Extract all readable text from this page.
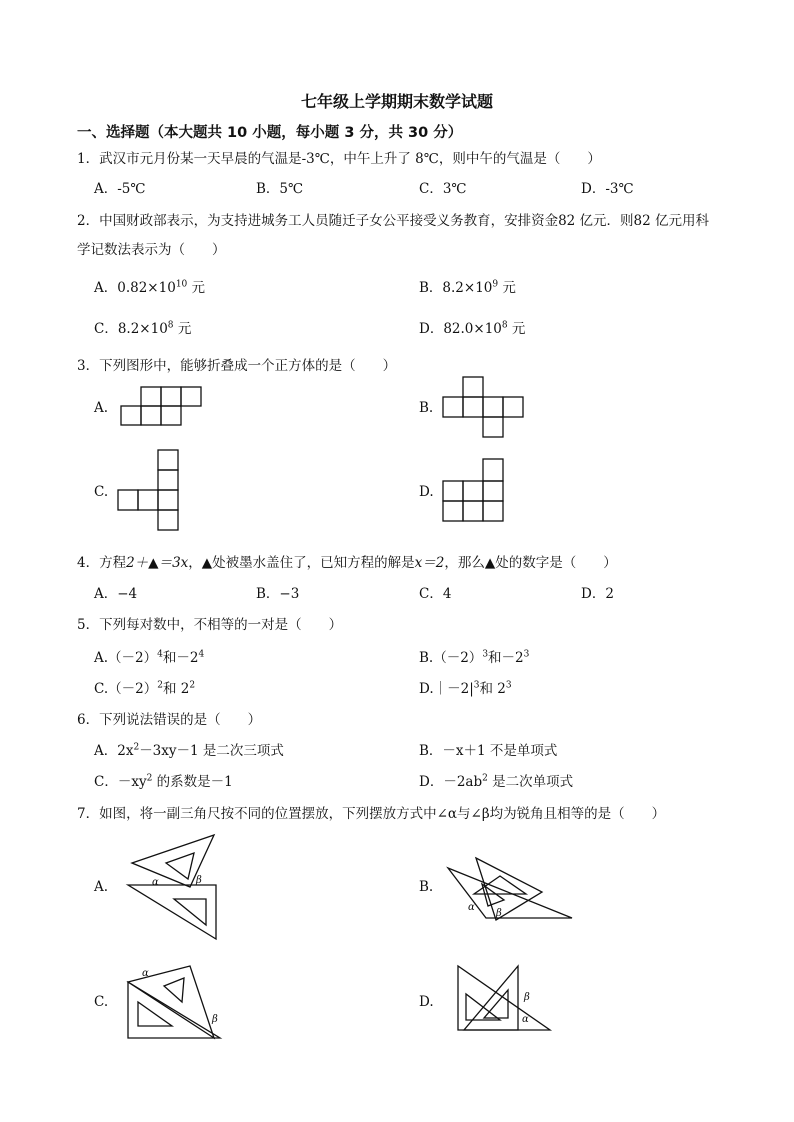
七年级上学期期末数学试题
一、选择题（本大题共 10 小题，每小题 3 分，共 30 分）
1．武汉市元月份某一天早晨的气温是-3℃，中午上升了 8℃，则中午的气温是（　　）
A．-5℃	B．5℃	C．3℃	D．-3℃
2．中国财政部表示，为支持进城务工人员随迁子女公平接受义务教育，安排资金82 亿元．则82 亿元用科
学记数法表示为（　　）
A．$0.82\times 10^{10}$ 元	B．$8.2\times 10^9$ 元
C．$8.2\times 10^8$ 元	D．$82.0\times 10^8$ 元
3．下列图形中，能够折叠成一个正方体的是（　　）
A.	B.
C.	D.
4．方程2＋▲＝3x，▲处被墨水盖住了，已知方程的解是x＝2，那么▲处的数字是（　　）
A．−4	B．−3	C．4	D．2
5．下列每对数中，不相等的一对是（　　）
$A.(-2)^4$和$-2^4$	$B.(-2)^3$和$-2^3$
$C.(-2)^2$和 $2^2$	$D.|-2|^3$和 $2^3$
6．下列说法错误的是（　　）
A．$2x^2-3xy-1$ 是二次三项式	B．－x＋1 不是单项式
C．$-xy^2$ 的系数是－1	D．$-2ab^2$ 是二次单项式
7．如图，将一副三角尺按不同的位置摆放，下列摆放方式中∠α与∠β均为锐角且相等的是（　　）
A.	α	β	B.
α
β
C.
α
β
D.	β
α
